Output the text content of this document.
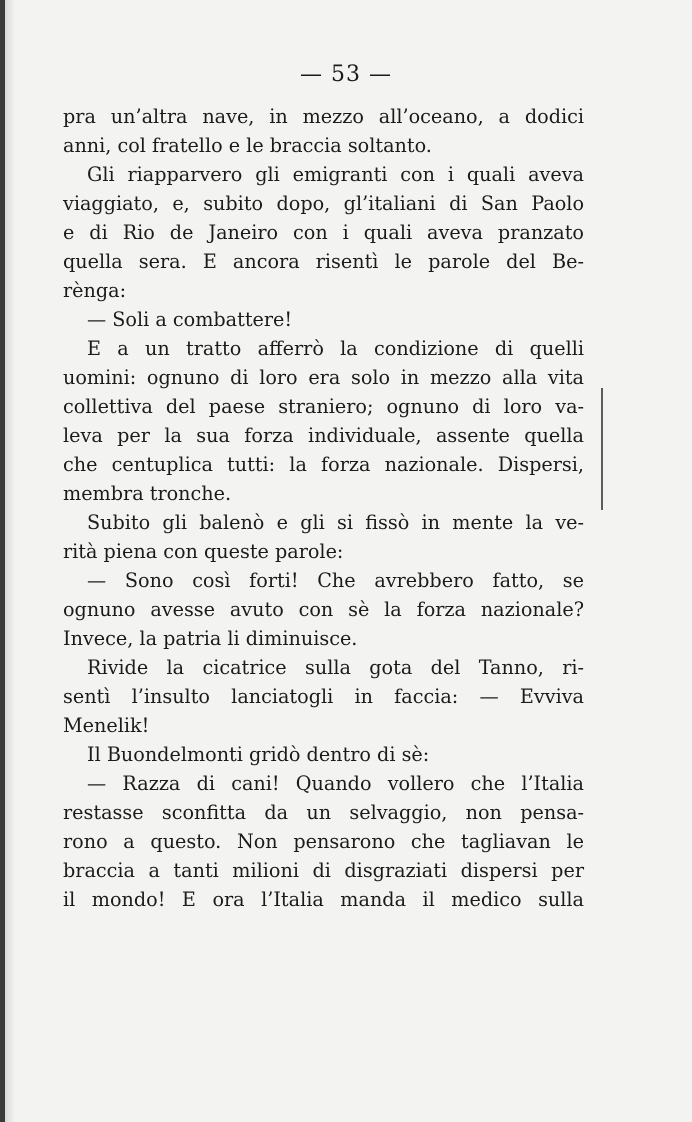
— 53 —
pra un’altra nave, in mezzo all’oceano, a dodici
anni, col fratello e le braccia soltanto.
Gli riapparvero gli emigranti con i quali aveva
viaggiato, e, subito dopo, gl’italiani di San Paolo
e di Rio de Janeiro con i quali aveva pranzato
quella sera. E ancora risentì le parole del Be-
rènga:
— Soli a combattere!
E a un tratto afferrò la condizione di quelli
uomini: ognuno di loro era solo in mezzo alla vita
collettiva del paese straniero; ognuno di loro va-
leva per la sua forza individuale, assente quella
che centuplica tutti: la forza nazionale. Dispersi,
membra tronche.
Subito gli balenò e gli si fissò in mente la ve-
rità piena con queste parole:
— Sono così forti! Che avrebbero fatto, se
ognuno avesse avuto con sè la forza nazionale?
Invece, la patria li diminuisce.
Rivide la cicatrice sulla gota del Tanno, ri-
sentì l’insulto lanciatogli in faccia: — Evviva
Menelik!
Il Buondelmonti gridò dentro di sè:
— Razza di cani! Quando vollero che l’Italia
restasse sconfitta da un selvaggio, non pensa-
rono a questo. Non pensarono che tagliavan le
braccia a tanti milioni di disgraziati dispersi per
il mondo! E ora l’Italia manda il medico sulla
